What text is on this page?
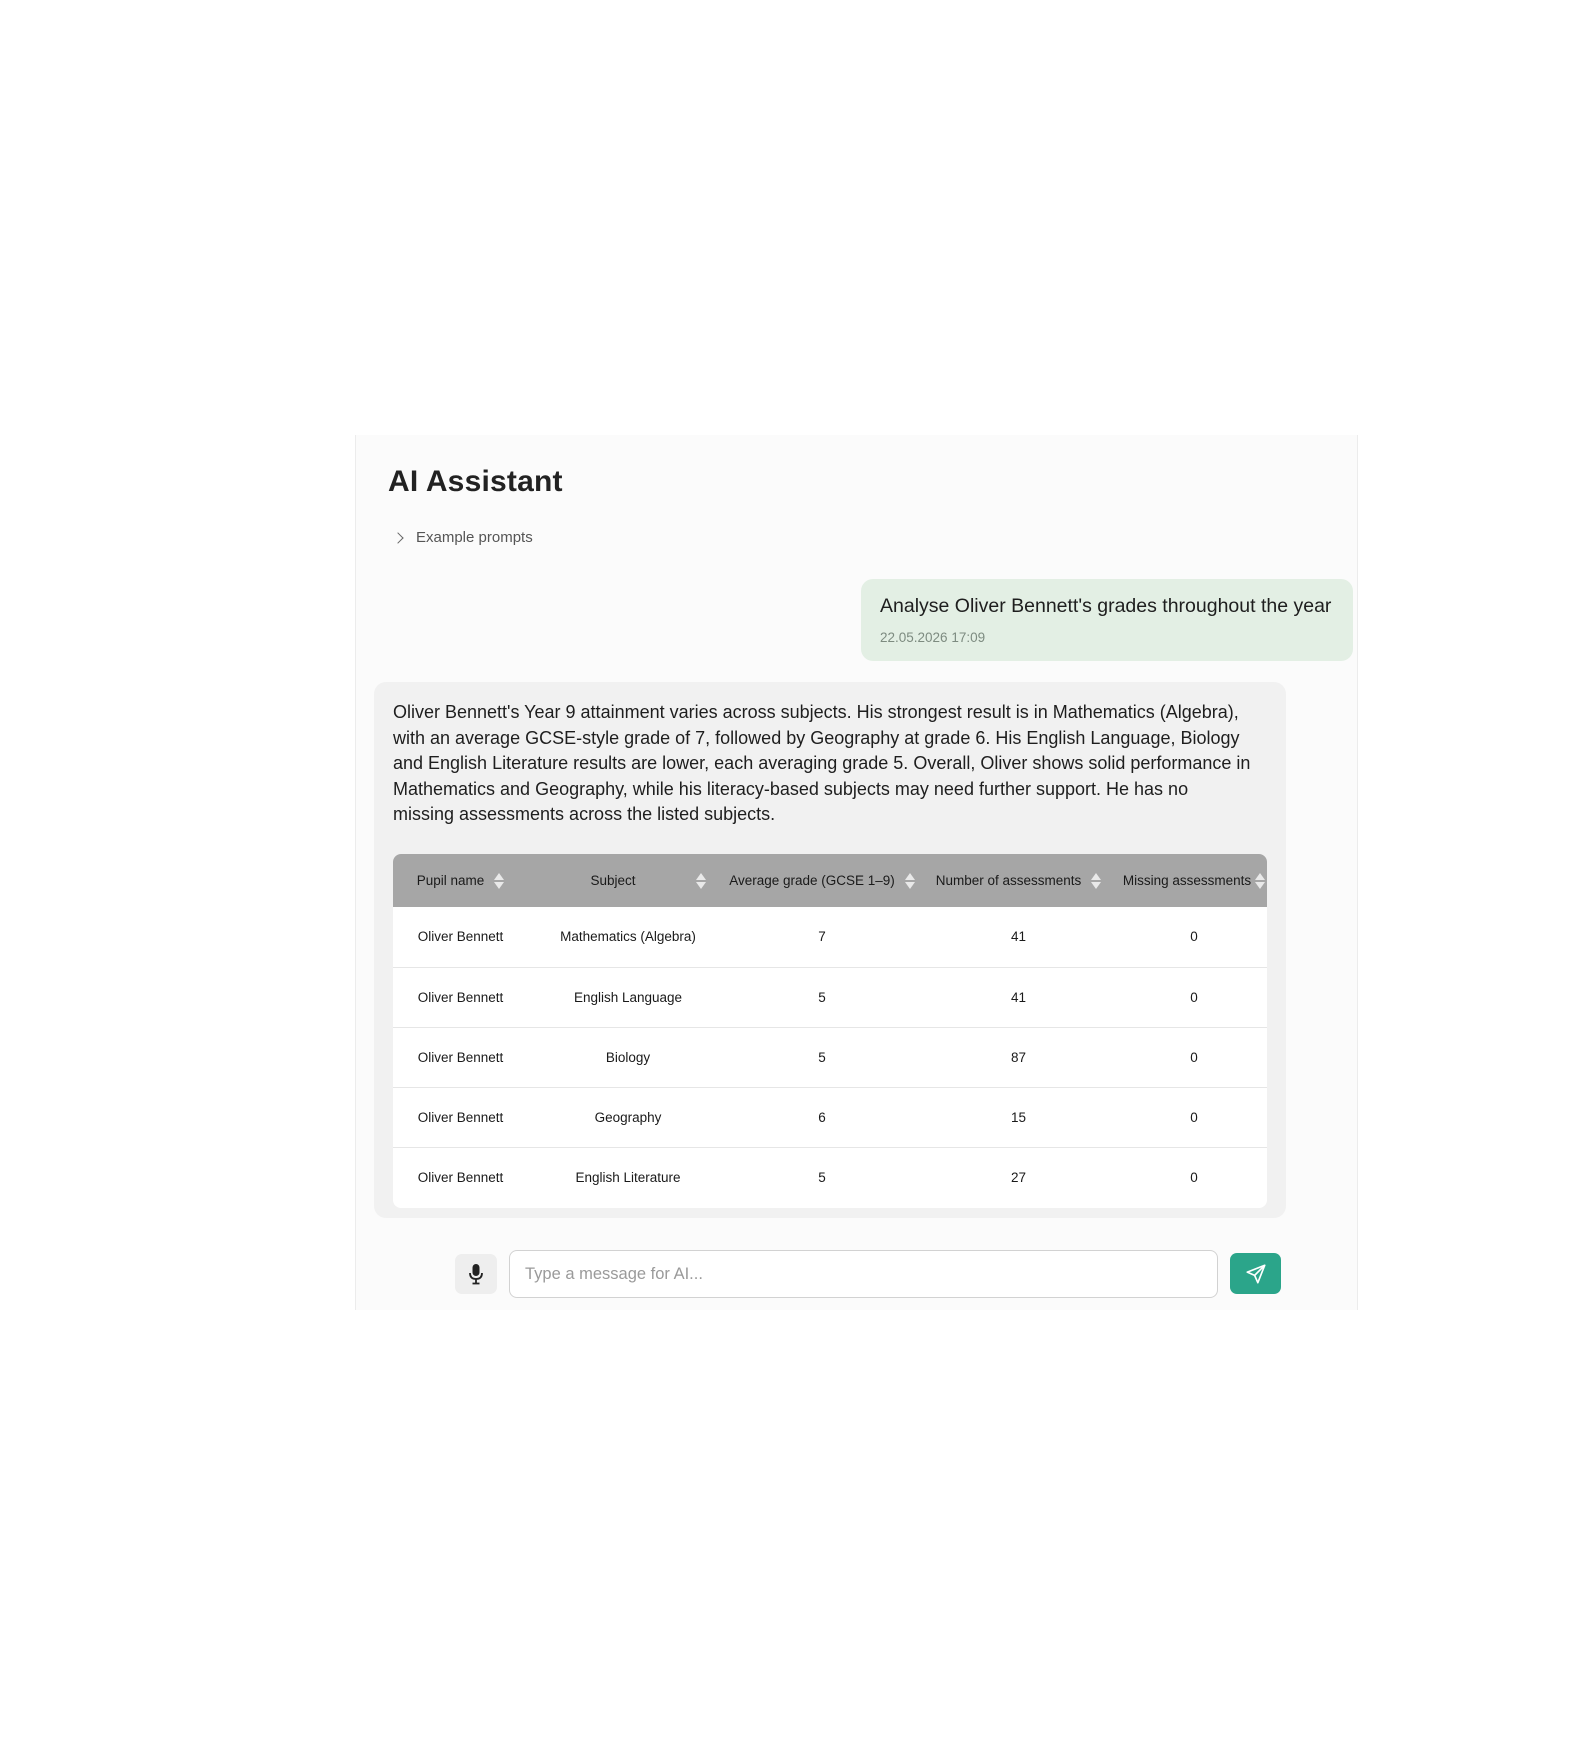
AI Assistant
Example prompts
Analyse Oliver Bennett's grades throughout the year
22.05.2026 17:09

Oliver Bennett's Year 9 attainment varies across subjects. His strongest result is in Mathematics (Algebra), with an average GCSE-style grade of 7, followed by Geography at grade 6. His English Language, Biology and English Literature results are lower, each averaging grade 5. Overall, Oliver shows solid performance in Mathematics and Geography, while his literacy-based subjects may need further support. He has no missing assessments across the listed subjects.

Pupil name	Subject	Average grade (GCSE 1–9)	Number of assessments	Missing assessments

Oliver Bennett	Mathematics (Algebra)	7	41	0
Oliver Bennett	English Language	5	41	0
Oliver Bennett	Biology	5	87	0
Oliver Bennett	Geography	6	15	0
Oliver Bennett	English Literature	5	27	0
Type a message for AI...
